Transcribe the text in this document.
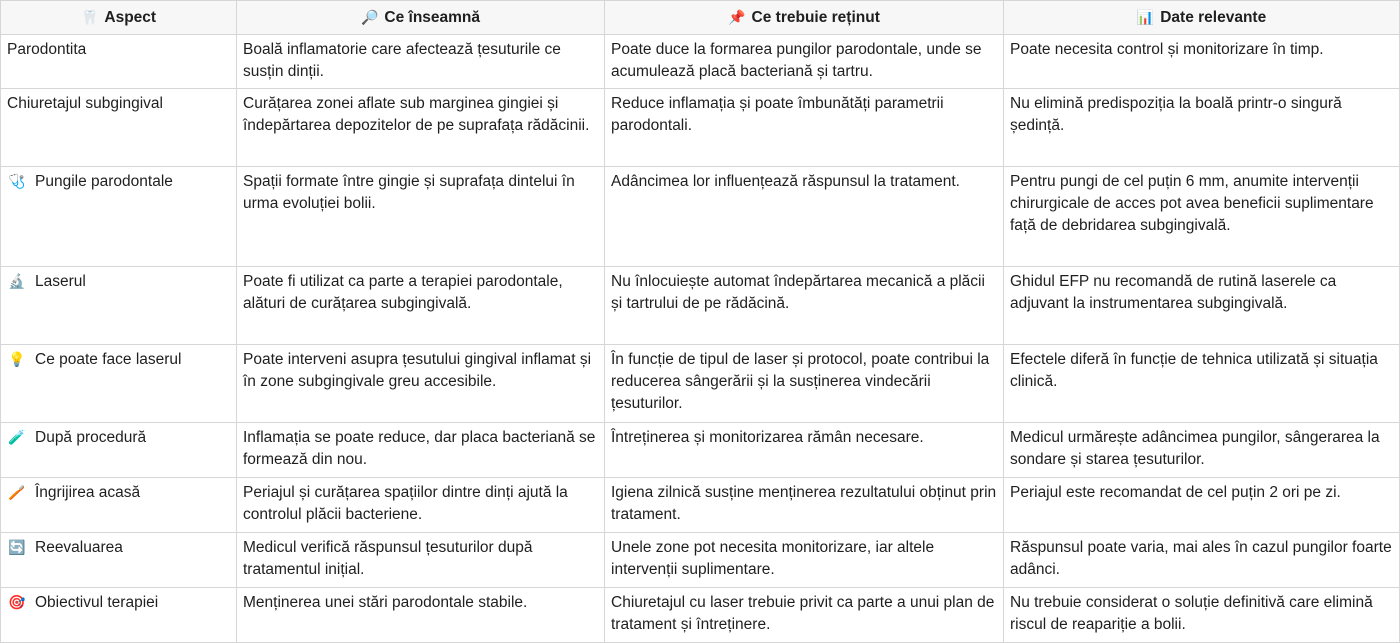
🦷 Aspect	🔎 Ce înseamnă	📌 Ce trebuie reținut	📊 Date relevante
Parodontita	Boală inflamatorie care afectează țesuturile ce susțin dinții.	Poate duce la formarea pungilor parodontale, unde se acumulează placă bacteriană și tartru.	Poate necesita control și monitorizare în timp.
Chiuretajul subgingival	Curățarea zonei aflate sub marginea gingiei și îndepărtarea depozitelor de pe suprafața rădăcinii.	Reduce inflamația și poate îmbunătăți parametrii parodontali.	Nu elimină predispoziția la boală printr-o singură ședință.
🩺 Pungile parodontale	Spații formate între gingie și suprafața dintelui în urma evoluției bolii.	Adâncimea lor influențează răspunsul la tratament.	Pentru pungi de cel puțin 6 mm, anumite intervenții chirurgicale de acces pot avea beneficii suplimentare față de debridarea subgingivală.
🔬 Laserul	Poate fi utilizat ca parte a terapiei parodontale, alături de curățarea subgingivală.	Nu înlocuiește automat îndepărtarea mecanică a plăcii și tartrului de pe rădăcină.	Ghidul EFP nu recomandă de rutină laserele ca adjuvant la instrumentarea subgingivală.
💡 Ce poate face laserul	Poate interveni asupra țesutului gingival inflamat și în zone subgingivale greu accesibile.	În funcție de tipul de laser și protocol, poate contribui la reducerea sângerării și la susținerea vindecării țesuturilor.	Efectele diferă în funcție de tehnica utilizată și situația clinică.
🧪 După procedură	Inflamația se poate reduce, dar placa bacteriană se formează din nou.	Întreținerea și monitorizarea rămân necesare.	Medicul urmărește adâncimea pungilor, sângerarea la sondare și starea țesuturilor.
🪥 Îngrijirea acasă	Periajul și curățarea spațiilor dintre dinți ajută la controlul plăcii bacteriene.	Igiena zilnică susține menținerea rezultatului obținut prin tratament.	Periajul este recomandat de cel puțin 2 ori pe zi.
🔄 Reevaluarea	Medicul verifică răspunsul țesuturilor după tratamentul inițial.	Unele zone pot necesita monitorizare, iar altele intervenții suplimentare.	Răspunsul poate varia, mai ales în cazul pungilor foarte adânci.
🎯 Obiectivul terapiei	Menținerea unei stări parodontale stabile.	Chiuretajul cu laser trebuie privit ca parte a unui plan de tratament și întreținere.	Nu trebuie considerat o soluție definitivă care elimină riscul de reapariție a bolii.
